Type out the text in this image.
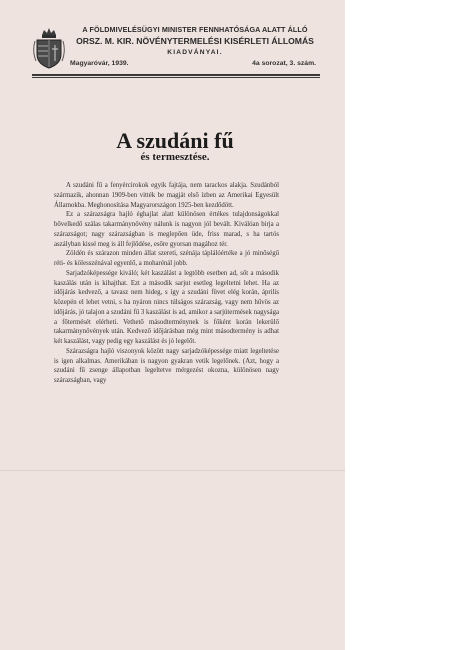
A FÖLDMIVELÉSÜGYI MINISTER FENNHATÓSÁGA ALATT ÁLLÓ
ORSZ. M. KIR. NÖVÉNYTERMELÉSI KISÉRLETI ÁLLOMÁS
KIADVÁNYAI.
Magyaróvár, 1939.	4a sorozat, 3. szám.
A szudáni fű
és termesztése.

A szudáni fű a fenyércirokok egyik fajtája, nem tarackos alakja. Szudánból származik, ahonnan 1909-ben vitték be magját első ízben az Amerikai Egyesült Államokba. Meghonosítása Magyarországon 1925-ben kezdődött.

Ez a szárazságra hajló éghajlat alatt különösen értékes tulajdonságokkal bővelkedő szálas takarmánynövény nálunk is nagyon jól bevált. Kiválóan birja a szárazságot; nagy szárazságban is meglepően üde, friss marad, s ha tartós aszályban kissé meg is áll fejlődése, esőre gyorsan magához tér.

Zöldén és szárazon minden állat szereti, szénája táplálóértéke a jó minőségű réti- és kölesszénával egyenlő, a moharénál jobb.

Sarjadzóképessége kiváló; két kaszálást a legtöbb esetben ad, sőt a második kaszálás után is kihajthat. Ezt a második sarjut esetleg legeltetni lehet. Ha az időjárás kedvező, a tavasz nem hideg, s így a szudáni füvet elég korán, április közepén el lehet vetni, s ha nyáron nincs túlságos szárazság, vagy nem hűvös az időjárás, jó talajon a szudáni fű 3 kaszálást is ad, amikor a sarjútermések nagysága a főtermését elérheti. Vethető másodterménynek is főként korán lekerülő takarmánynövények után. Kedvező időjárásban még mint másodtermény is adhat két kaszálást, vagy pedig egy kaszálást és jó legelőt.

Szárazságra hajló viszonyok között nagy sarjadzóképessége miatt legeltetése is igen alkalmas. Amerikában is nagyon gyakran vetik legelőnek. (Azt, hogy a szudáni fű zsenge állapotban legeltetve mérgezést okozna, különösen nagy szárazságban, vagy
